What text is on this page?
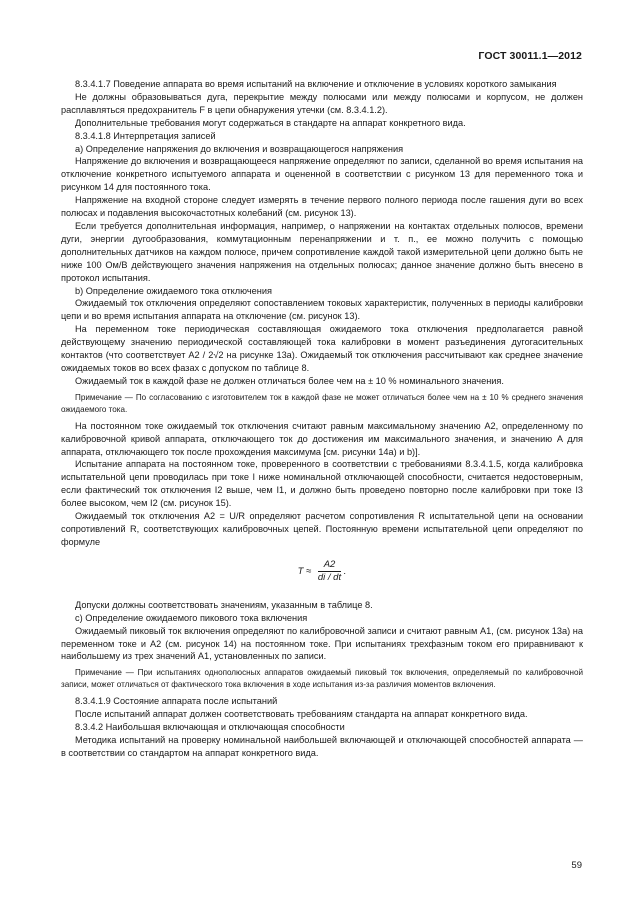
ГОСТ 30011.1—2012

8.3.4.1.7 Поведение аппарата во время испытаний на включение и отключение в условиях короткого замыкания

Не должны образовываться дуга, перекрытие между полюсами или между полюсами и корпусом, не должен расплавляться предохранитель F в цепи обнаружения утечки (см. 8.3.4.1.2).

Дополнительные требования могут содержаться в стандарте на аппарат конкретного вида.

8.3.4.1.8 Интерпретация записей

a) Определение напряжения до включения и возвращающегося напряжения

Напряжение до включения и возвращающееся напряжение определяют по записи, сделанной во время испытания на отключение конкретного испытуемого аппарата и оцененной в соответствии с рисунком 13 для переменного тока и рисунком 14 для постоянного тока.

Напряжение на входной стороне следует измерять в течение первого полного периода после гашения дуги во всех полюсах и подавления высокочастотных колебаний (см. рисунок 13).

Если требуется дополнительная информация, например, о напряжении на контактах отдельных полюсов, времени дуги, энергии дугообразования, коммутационным перенапряжении и т. п., ее можно получить с помощью дополнительных датчиков на каждом полюсе, причем сопротивление каждой такой измерительной цепи должно быть не ниже 100 Ом/В действующего значения напряжения на отдельных полюсах; данное значение должно быть внесено в протокол испытания.

b) Определение ожидаемого тока отключения

Ожидаемый ток отключения определяют сопоставлением токовых характеристик, полученных в периоды калибровки цепи и во время испытания аппарата на отключение (см. рисунок 13).

На переменном токе периодическая составляющая ожидаемого тока отключения предполагается равной действующему значению периодической составляющей тока калибровки в момент разъединения дугогасительных контактов (что соответствует A2 / 2√2 на рисунке 13а). Ожидаемый ток отключения рассчитывают как среднее значение ожидаемых токов во всех фазах с допуском по таблице 8.

Ожидаемый ток в каждой фазе не должен отличаться более чем на ± 10 % номинального значения.

Примечание — По согласованию с изготовителем ток в каждой фазе не может отличаться более чем на ± 10 % среднего значения ожидаемого тока.

На постоянном токе ожидаемый ток отключения считают равным максимальному значению A2, определенному по калибровочной кривой аппарата, отключающего ток до достижения им максимального значения, и значению A для аппарата, отключающего ток после прохождения максимума [см. рисунки 14а) и b)].

Испытание аппарата на постоянном токе, проверенного в соответствии с требованиями 8.3.4.1.5, когда калибровка испытательной цепи проводилась при токе I ниже номинальной отключающей способности, считается недостоверным, если фактический ток отключения I2 выше, чем I1, и должно быть проведено повторно после калибровки при токе I3 более высоком, чем I2 (см. рисунок 15).

Ожидаемый ток отключения A2 = U/R определяют расчетом сопротивления R испытательной цепи на основании сопротивлений R, соответствующих калибровочных цепей. Постоянную времени испытательной цепи определяют по формуле

$T \approx \frac{A2}{di / dt}$ .

Допуски должны соответствовать значениям, указанным в таблице 8.

c) Определение ожидаемого пикового тока включения

Ожидаемый пиковый ток включения определяют по калибровочной записи и считают равным A1, (см. рисунок 13а) на переменном токе и A2 (см. рисунок 14) на постоянном токе. При испытаниях трехфазным током его приравнивают к наибольшему из трех значений A1, установленных по записи.

Примечание — При испытаниях однополюсных аппаратов ожидаемый пиковый ток включения, определяемый по калибровочной записи, может отличаться от фактического тока включения в ходе испытания из-за различия моментов включения.

8.3.4.1.9 Состояние аппарата после испытаний

После испытаний аппарат должен соответствовать требованиям стандарта на аппарат конкретного вида.

8.3.4.2 Наибольшая включающая и отключающая способности

Методика испытаний на проверку номинальной наибольшей включающей и отключающей способностей аппарата — в соответствии со стандартом на аппарат конкретного вида.

59
